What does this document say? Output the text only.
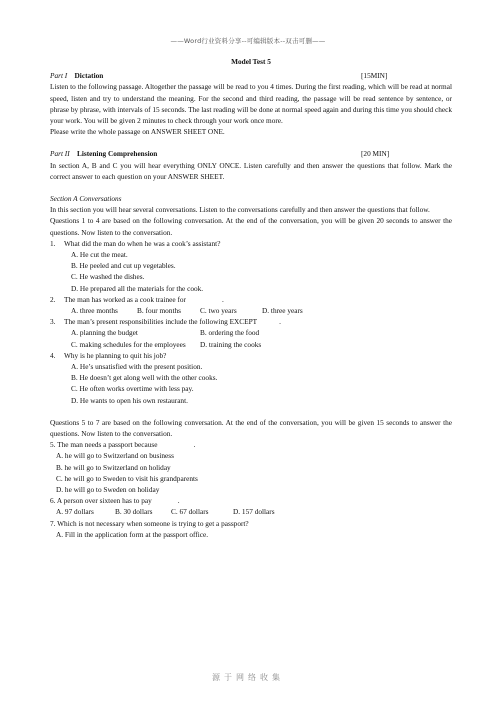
——Word行业资料分享--可编辑版本--双击可删——
Model Test 5
Part I Dictation	[15MIN]

Listen to the following passage. Altogether the passage will be read to you 4 times. During the first reading, which will be read at normal speed, listen and try to understand the meaning. For the second and third reading, the passage will be read sentence by sentence, or phrase by phrase, with intervals of 15 seconds. The last reading will be done at normal speed again and during this time you should check your work. You will be given 2 minutes to check through your work once more.

Please write the whole passage on ANSWER SHEET ONE.

Part II Listening Comprehension	[20 MIN]

In section A, B and C you will hear everything ONLY ONCE. Listen carefully and then answer the questions that follow. Mark the correct answer to each question on your ANSWER SHEET.

Section A Conversations

In this section you will hear several conversations. Listen to the conversations carefully and then answer the questions that follow.

Questions 1 to 4 are based on the following conversation. At the end of the conversation, you will be given 20 seconds to answer the questions. Now listen to the conversation.

1. What did the man do when he was a cook’s assistant?

A. He cut the meat.

B. He peeled and cut up vegetables.

C. He washed the dishes.

D. He prepared all the materials for the cook.

2. The man has worked as a cook trainee for	.
A. three months	B. four months	C. two years	D. three years
3. The man’s present responsibilities include the following EXCEPT	.
A. planning the budget	B. ordering the food
C. making schedules for the employees	D. training the cooks
4. Why is he planning to quit his job?

A. He’s unsatisfied with the present position.

B. He doesn’t get along well with the other cooks.

C. He often works overtime with less pay.

D. He wants to open his own restaurant.

Questions 5 to 7 are based on the following conversation. At the end of the conversation, you will be given 15 seconds to answer the questions. Now listen to the conversation.

5. The man needs a passport because	.

A. he will go to Switzerland on business

B. he will go to Switzerland on holiday

C. he will go to Sweden to visit his grandparents

D. he will go to Sweden on holiday

6. A person over sixteen has to pay	.

A. 97 dollars	B. 30 dollars	C. 67 dollars	D. 157 dollars

7. Which is not necessary when someone is trying to get a passport?

A. Fill in the application form at the passport office.

源于网络收集
